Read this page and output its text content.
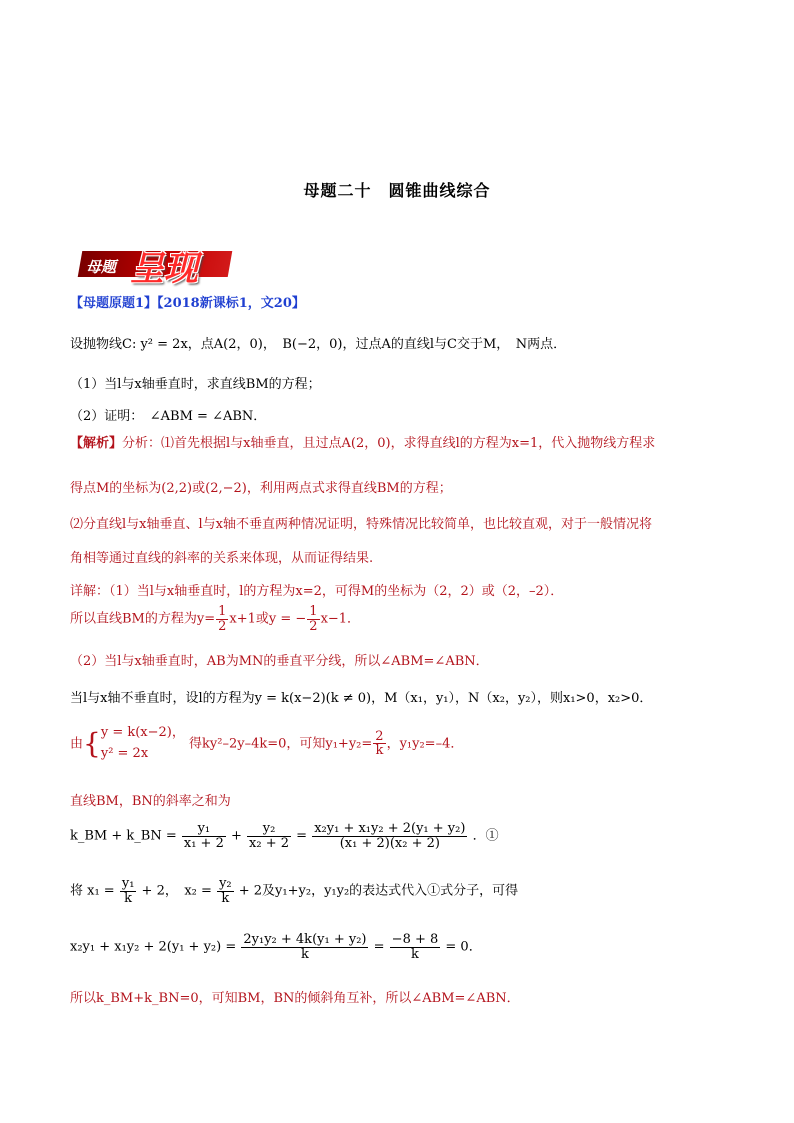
母题二十　圆锥曲线综合
母题 呈现
【母题原题1】【2018新课标1，文20】
设抛物线C: y² = 2x，点A(2，0)，　B(−2，0)，过点A的直线l与C交于M，　N两点．
（1）当l与x轴垂直时，求直线BM的方程；
（2）证明：　∠ABM = ∠ABN．
【解析】分析：⑴首先根据l与x轴垂直，且过点A(2，0)，求得直线l的方程为x=1，代入抛物线方程求
得点M的坐标为(2,2)或(2,−2)，利用两点式求得直线BM的方程；
⑵分直线l与x轴垂直、l与x轴不垂直两种情况证明，特殊情况比较简单，也比较直观，对于一般情况将
角相等通过直线的斜率的关系来体现，从而证得结果.
详解：（1）当l与x轴垂直时，l的方程为x=2，可得M的坐标为（2，2）或（2，–2）．
所以直线BM的方程为$y= \frac{1}{2} x+1$或y = − $\frac{1}{2} x-1$．
（2）当l与x轴垂直时，AB为MN的垂直平分线，所以∠ABM=∠ABN．
当l与x轴不垂直时，设l的方程为y = k(x−2)(k ≠ 0)，M（x₁，y₁），N（x₂，y₂），则x₁>0，x₂>0．
由{ y = k(x−2)，
y² = 2x
得ky²–2y–4k=0，可知$y_1+y_2= \frac{2}{k}$ ，y₁y₂=–4．
直线BM，BN的斜率之和为
k_BM + k_BN = $\frac{\text{y₁}}{\text{x₁ + 2}} + \frac{\text{y₂}}{\text{x₂ + 2}} = \frac{\text{x₂y₁ + x₁y₂ + 2(y₁ + y₂)}}{\text{(x₁ + 2)(x₂ + 2)}}$ ．①
将 $x_1 = \frac{\text{y₁}}{k} + 2$，　$x_2 = \frac{\text{y₂}}{k} + 2$及y₁+y₂，y₁y₂的表达式代入①式分子，可得
$x_2y_1 + x_1y_2 + 2(y_1 + y_2) = \frac{\text{2y₁y₂ + 4k(y₁ + y₂)}}{k} = \frac{-8 + 8}{k} = 0$．
所以k_BM+k_BN=0，可知BM，BN的倾斜角互补，所以∠ABM=∠ABN．
